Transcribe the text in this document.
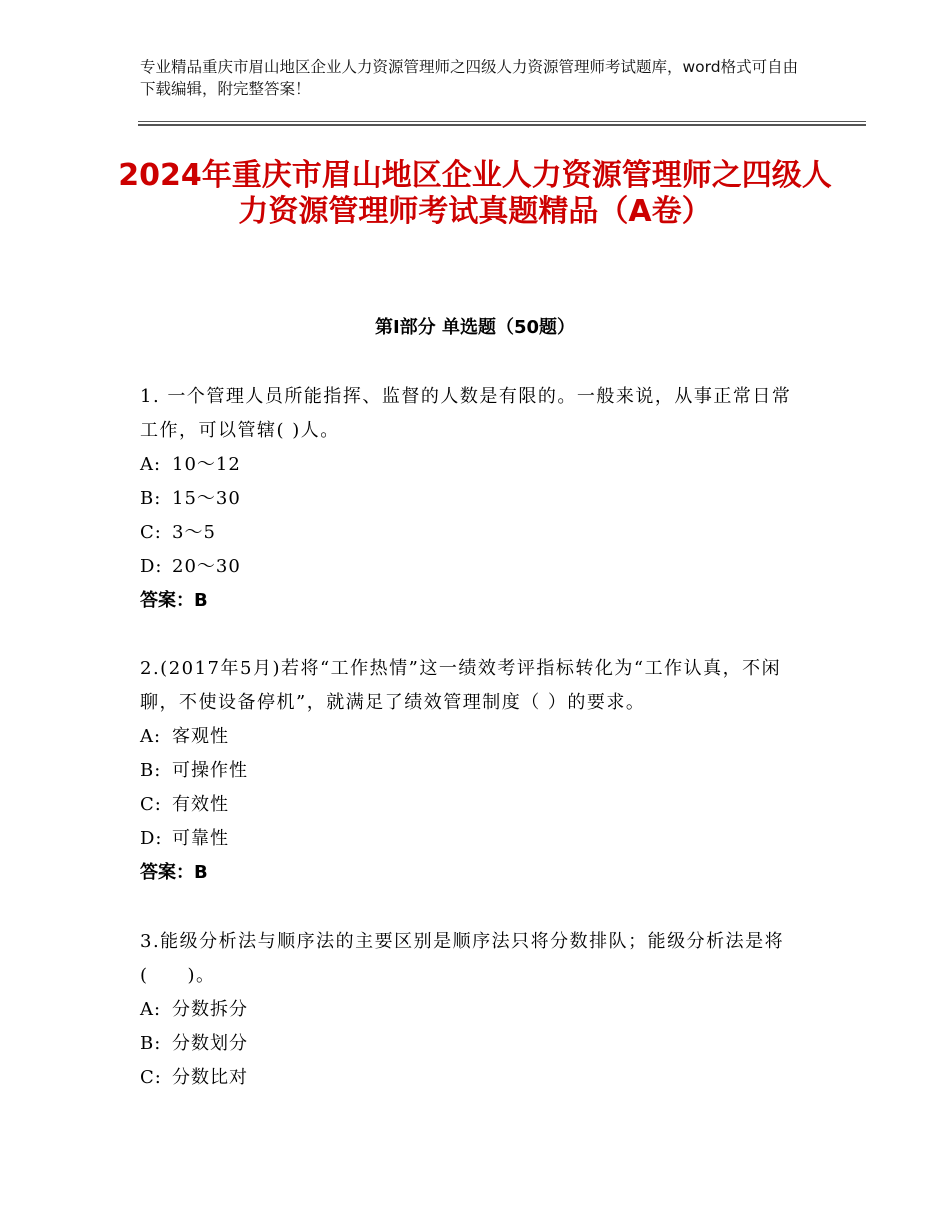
专业精品重庆市眉山地区企业人力资源管理师之四级人力资源管理师考试题库，word格式可自由下载编辑，附完整答案！
2024年重庆市眉山地区企业人力资源管理师之四级人力资源管理师考试真题精品（A卷）
第Ⅰ部分 单选题（50题）
1. 一个管理人员所能指挥、监督的人数是有限的。一般来说，从事正常日常工作，可以管辖( )人。
A: 10～12
B: 15～30
C: 3～5
D: 20～30
答案：B
2.(2017年5月)若将“工作热情”这一绩效考评指标转化为“工作认真，不闲聊，不使设备停机”，就满足了绩效管理制度（ ）的要求。
A: 客观性
B: 可操作性
C: 有效性
D: 可靠性
答案：B
3.能级分析法与顺序法的主要区别是顺序法只将分数排队；能级分析法是将(　　)。
A: 分数拆分
B: 分数划分
C: 分数比对
